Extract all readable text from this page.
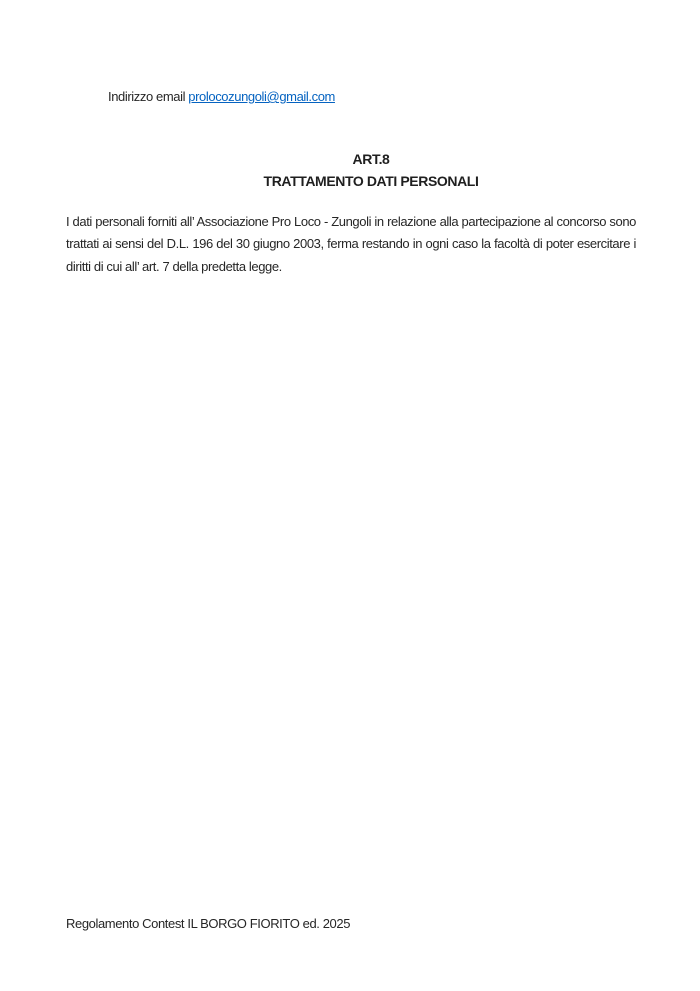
Indirizzo email prolocozungoli@gmail.com

ART.8
TRATTAMENTO DATI PERSONALI

I dati personali forniti all’ Associazione Pro Loco - Zungoli in relazione alla partecipazione al concorso sono trattati ai sensi del D.L. 196 del 30 giugno 2003, ferma restando in ogni caso la facoltà di poter esercitare i diritti di cui all’ art. 7 della predetta legge.

Regolamento Contest IL BORGO FIORITO ed. 2025
